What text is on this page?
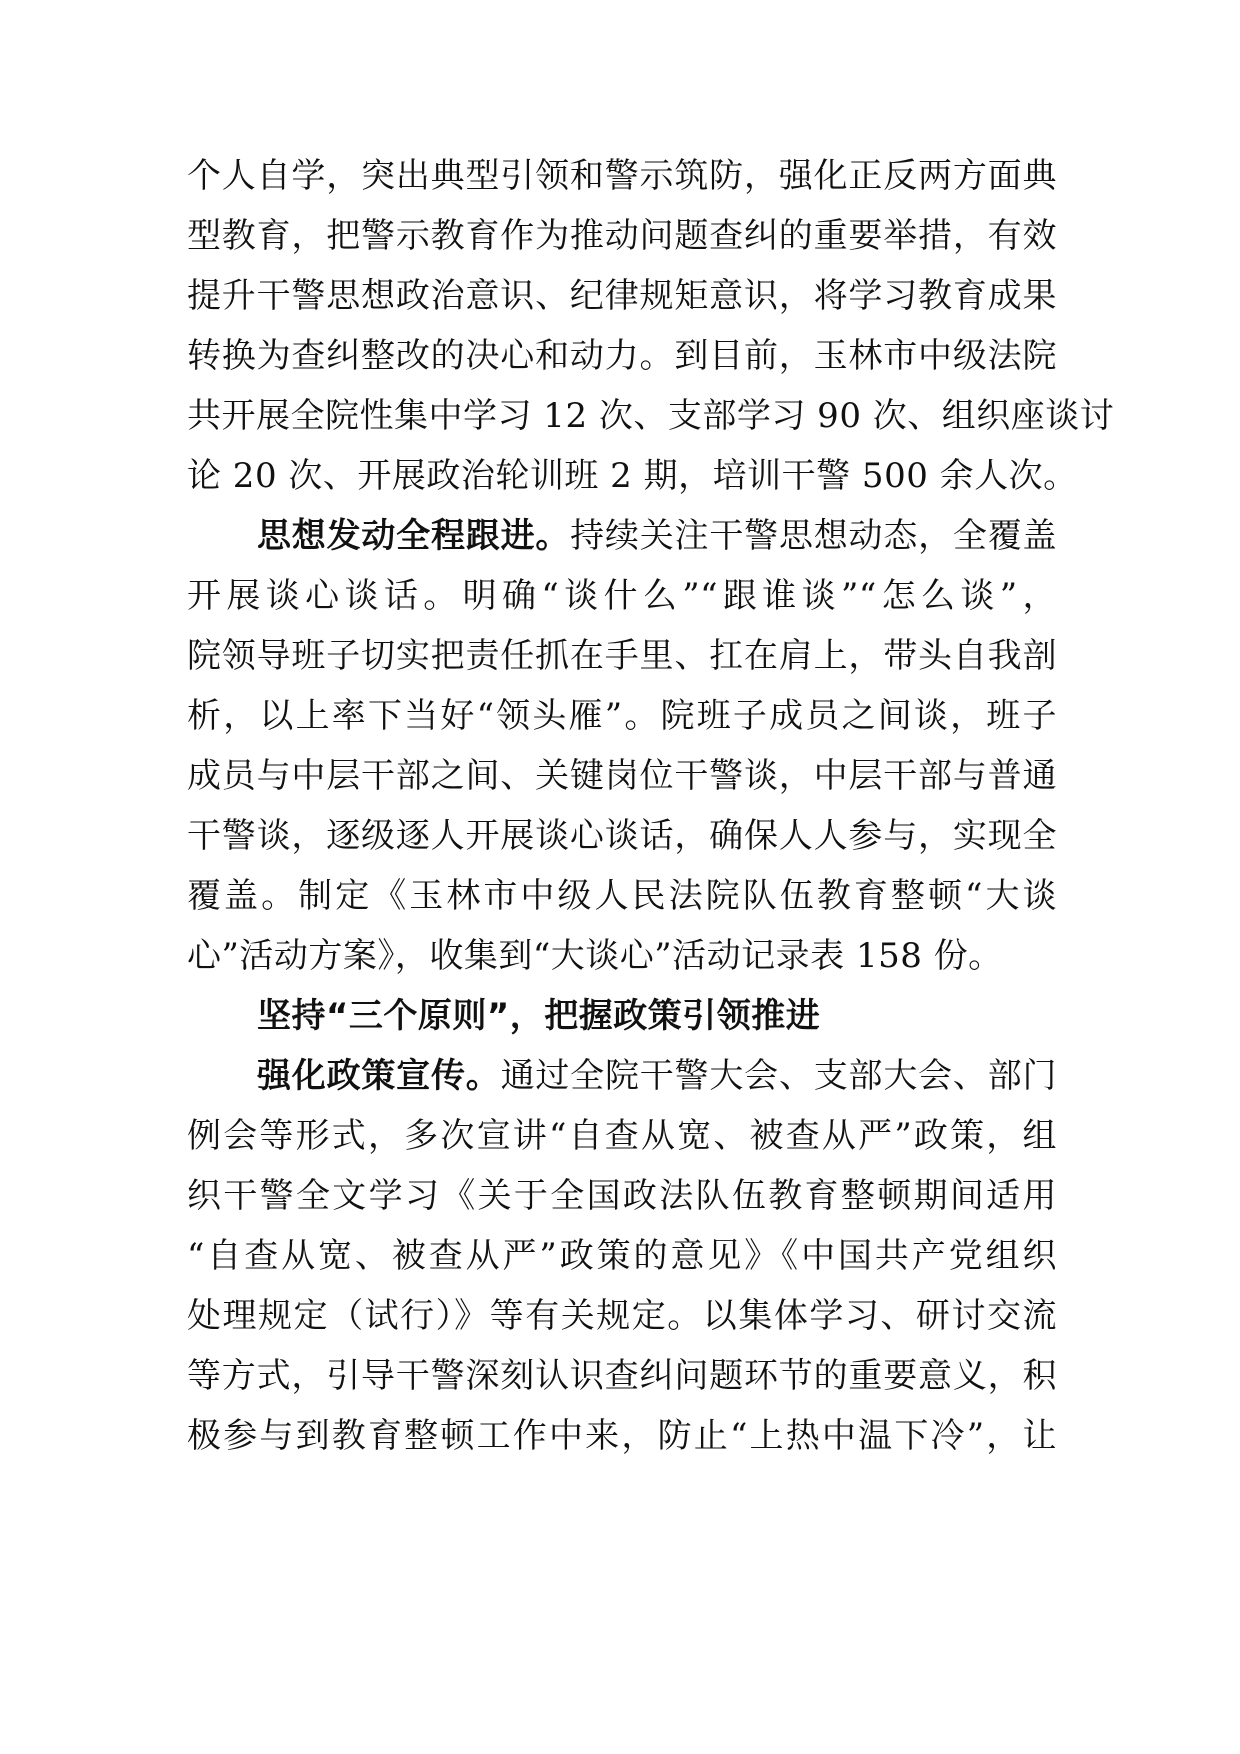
个人自学，突出典型引领和警示筑防，强化正反两方面典
型教育，把警示教育作为推动问题查纠的重要举措，有效
提升干警思想政治意识、纪律规矩意识，将学习教育成果
转换为查纠整改的决心和动力。到目前，玉林市中级法院
共开展全院性集中学习 12 次、支部学习 90 次、组织座谈讨
论 20 次、开展政治轮训班 2 期，培训干警 500 余人次。
思想发动全程跟进。持续关注干警思想动态，全覆盖
开展谈心谈话。明确“谈什么”“跟谁谈”“怎么谈”，
院领导班子切实把责任抓在手里、扛在肩上，带头自我剖
析，以上率下当好“领头雁”。院班子成员之间谈，班子
成员与中层干部之间、关键岗位干警谈，中层干部与普通
干警谈，逐级逐人开展谈心谈话，确保人人参与，实现全
覆盖。制定《玉林市中级人民法院队伍教育整顿“大谈
心”活动方案》，收集到“大谈心”活动记录表 158 份。
坚持“三个原则”，把握政策引领推进
强化政策宣传。通过全院干警大会、支部大会、部门
例会等形式，多次宣讲“自查从宽、被查从严”政策，组
织干警全文学习《关于全国政法队伍教育整顿期间适用
“自查从宽、被查从严”政策的意见》《中国共产党组织
处理规定（试行）》等有关规定。以集体学习、研讨交流
等方式，引导干警深刻认识查纠问题环节的重要意义，积
极参与到教育整顿工作中来，防止“上热中温下冷”，让
